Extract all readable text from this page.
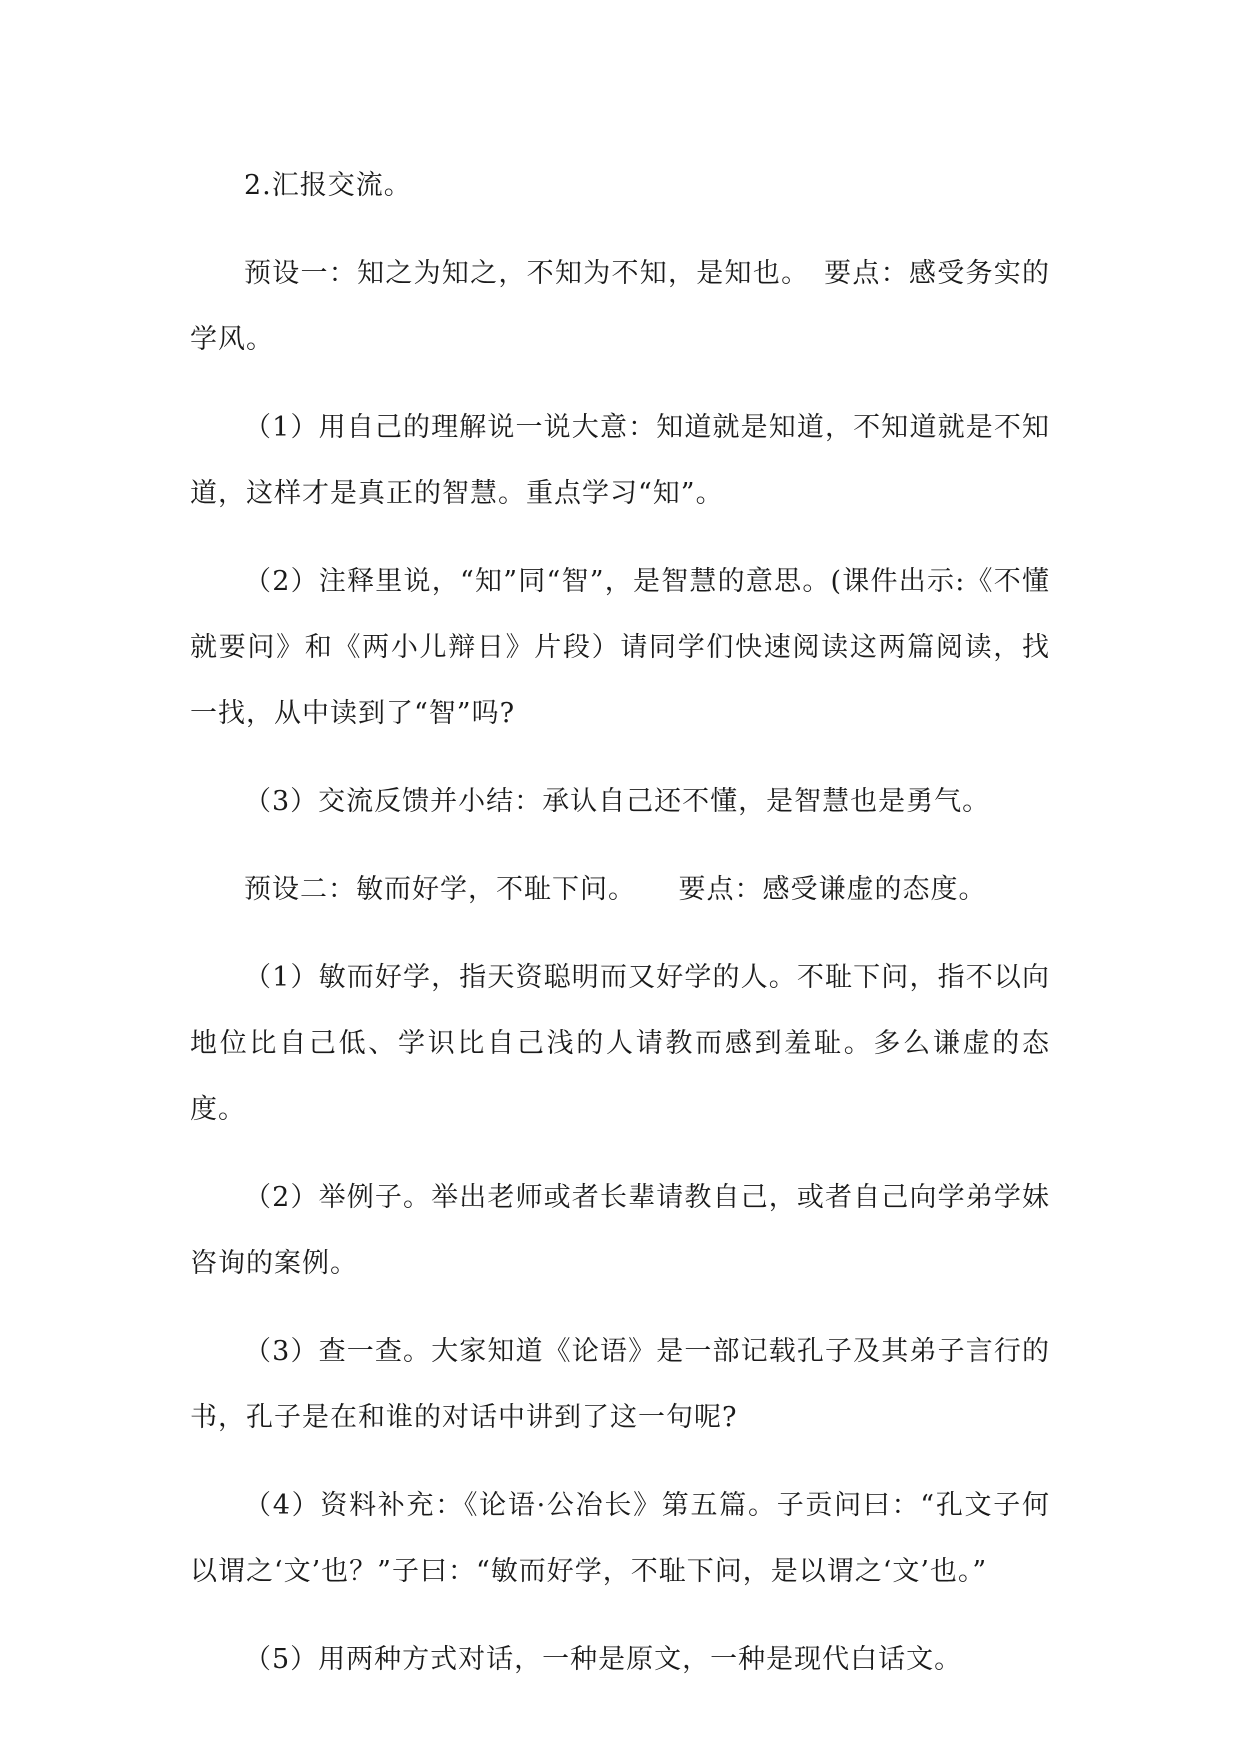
2.汇报交流。

预设一：知之为知之，不知为不知，是知也。　要点：感受务实的学风。

（1）用自己的理解说一说大意：知道就是知道，不知道就是不知道，这样才是真正的智慧。重点学习“知”。

（2）注释里说，“知”同“智”，是智慧的意思。(课件出示:《不懂就要问》和《两小儿辩日》片段）请同学们快速阅读这两篇阅读，找一找，从中读到了“智”吗?

（3）交流反馈并小结：承认自己还不懂，是智慧也是勇气。

预设二：敏而好学，不耻下问。　　要点：感受谦虚的态度。

（1）敏而好学，指天资聪明而又好学的人。不耻下问，指不以向地位比自己低、学识比自己浅的人请教而感到羞耻。多么谦虚的态度。

（2）举例子。举出老师或者长辈请教自己，或者自己向学弟学妹咨询的案例。

（3）查一查。大家知道《论语》是一部记载孔子及其弟子言行的书，孔子是在和谁的对话中讲到了这一句呢?

（4）资料补充：《论语·公冶长》第五篇。子贡问曰：“孔文子何以谓之‘文’也？”子曰：“敏而好学，不耻下问，是以谓之‘文’也。”

（5）用两种方式对话，一种是原文，一种是现代白话文。
